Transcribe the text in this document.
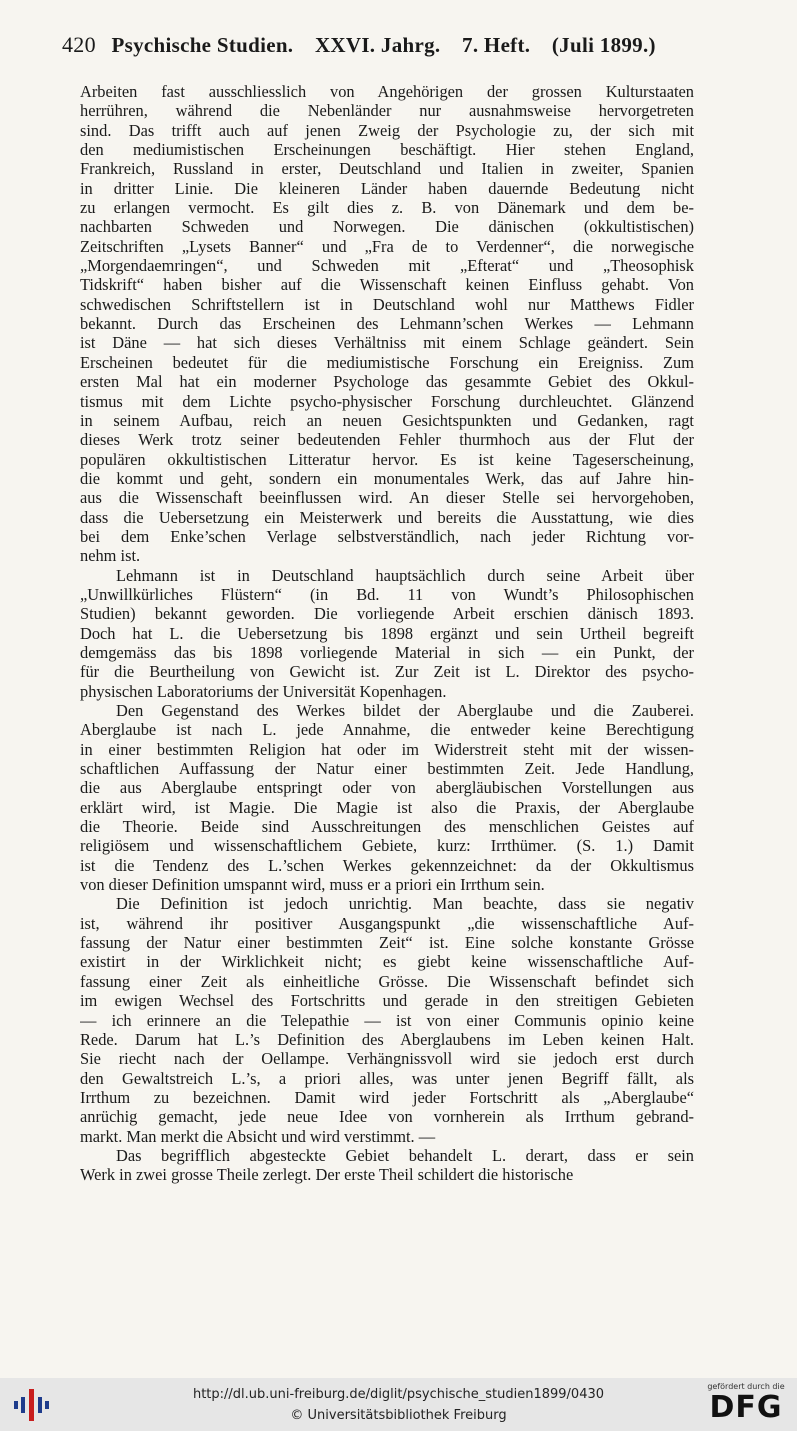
420 Psychische Studien. XXVI. Jahrg. 7. Heft. (Juli 1899.)

Arbeiten fast ausschliesslich von Angehörigen der grossen Kulturstaaten
herrühren, während die Nebenländer nur ausnahmsweise hervorgetreten
sind. Das trifft auch auf jenen Zweig der Psychologie zu, der sich mit
den mediumistischen Erscheinungen beschäftigt. Hier stehen England,
Frankreich, Russland in erster, Deutschland und Italien in zweiter, Spanien
in dritter Linie. Die kleineren Länder haben dauernde Bedeutung nicht
zu erlangen vermocht. Es gilt dies z. B. von Dänemark und dem be-
nachbarten Schweden und Norwegen. Die dänischen (okkultistischen)
Zeitschriften „Lysets Banner“ und „Fra de to Verdenner“, die norwegische
„Morgendaemringen“, und Schweden mit „Efterat“ und „Theosophisk
Tidskrift“ haben bisher auf die Wissenschaft keinen Einfluss gehabt. Von
schwedischen Schriftstellern ist in Deutschland wohl nur Matthews Fidler
bekannt. Durch das Erscheinen des Lehmann’schen Werkes — Lehmann
ist Däne — hat sich dieses Verhältniss mit einem Schlage geändert. Sein
Erscheinen bedeutet für die mediumistische Forschung ein Ereigniss. Zum
ersten Mal hat ein moderner Psychologe das gesammte Gebiet des Okkul-
tismus mit dem Lichte psycho-physischer Forschung durchleuchtet. Glänzend
in seinem Aufbau, reich an neuen Gesichtspunkten und Gedanken, ragt
dieses Werk trotz seiner bedeutenden Fehler thurmhoch aus der Flut der
populären okkultistischen Litteratur hervor. Es ist keine Tageserscheinung,
die kommt und geht, sondern ein monumentales Werk, das auf Jahre hin-
aus die Wissenschaft beeinflussen wird. An dieser Stelle sei hervorgehoben,
dass die Uebersetzung ein Meisterwerk und bereits die Ausstattung, wie dies
bei dem Enke’schen Verlage selbstverständlich, nach jeder Richtung vor-
nehm ist.

Lehmann ist in Deutschland hauptsächlich durch seine Arbeit über
„Unwillkürliches Flüstern“ (in Bd. 11 von Wundt’s Philosophischen
Studien) bekannt geworden. Die vorliegende Arbeit erschien dänisch 1893.
Doch hat L. die Uebersetzung bis 1898 ergänzt und sein Urtheil begreift
demgemäss das bis 1898 vorliegende Material in sich — ein Punkt, der
für die Beurtheilung von Gewicht ist. Zur Zeit ist L. Direktor des psycho-
physischen Laboratoriums der Universität Kopenhagen.

Den Gegenstand des Werkes bildet der Aberglaube und die Zauberei.
Aberglaube ist nach L. jede Annahme, die entweder keine Berechtigung
in einer bestimmten Religion hat oder im Widerstreit steht mit der wissen-
schaftlichen Auffassung der Natur einer bestimmten Zeit. Jede Handlung,
die aus Aberglaube entspringt oder von abergläubischen Vorstellungen aus
erklärt wird, ist Magie. Die Magie ist also die Praxis, der Aberglaube
die Theorie. Beide sind Ausschreitungen des menschlichen Geistes auf
religiösem und wissenschaftlichem Gebiete, kurz: Irrthümer. (S. 1.) Damit
ist die Tendenz des L.’schen Werkes gekennzeichnet: da der Okkultismus
von dieser Definition umspannt wird, muss er a priori ein Irrthum sein.

Die Definition ist jedoch unrichtig. Man beachte, dass sie negativ
ist, während ihr positiver Ausgangspunkt „die wissenschaftliche Auf-
fassung der Natur einer bestimmten Zeit“ ist. Eine solche konstante Grösse
existirt in der Wirklichkeit nicht; es giebt keine wissenschaftliche Auf-
fassung einer Zeit als einheitliche Grösse. Die Wissenschaft befindet sich
im ewigen Wechsel des Fortschritts und gerade in den streitigen Gebieten
— ich erinnere an die Telepathie — ist von einer Communis opinio keine
Rede. Darum hat L.’s Definition des Aberglaubens im Leben keinen Halt.
Sie riecht nach der Oellampe. Verhängnissvoll wird sie jedoch erst durch
den Gewaltstreich L.’s, a priori alles, was unter jenen Begriff fällt, als
Irrthum zu bezeichnen. Damit wird jeder Fortschritt als „Aberglaube“
anrüchig gemacht, jede neue Idee von vornherein als Irrthum gebrand-
markt. Man merkt die Absicht und wird verstimmt. —

Das begrifflich abgesteckte Gebiet behandelt L. derart, dass er sein
Werk in zwei grosse Theile zerlegt. Der erste Theil schildert die historische

http://dl.ub.uni-freiburg.de/diglit/psychische_studien1899/0430
© Universitätsbibliothek Freiburg
gefördert durch die
DFG
